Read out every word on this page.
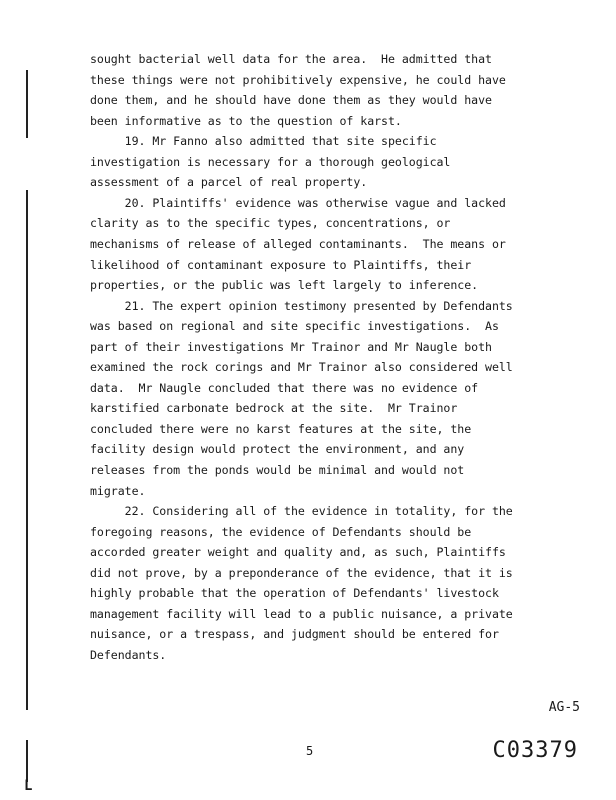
sought bacterial well data for the area.  He admitted that
these things were not prohibitively expensive, he could have
done them, and he should have done them as they would have
been informative as to the question of karst.
19. Mr Fanno also admitted that site specific
investigation is necessary for a thorough geological
assessment of a parcel of real property.
20. Plaintiffs' evidence was otherwise vague and lacked
clarity as to the specific types, concentrations, or
mechanisms of release of alleged contaminants.  The means or
likelihood of contaminant exposure to Plaintiffs, their
properties, or the public was left largely to inference.
21. The expert opinion testimony presented by Defendants
was based on regional and site specific investigations.  As
part of their investigations Mr Trainor and Mr Naugle both
examined the rock corings and Mr Trainor also considered well
data.  Mr Naugle concluded that there was no evidence of
karstified carbonate bedrock at the site.  Mr Trainor
concluded there were no karst features at the site, the
facility design would protect the environment, and any
releases from the ponds would be minimal and would not
migrate.
22. Considering all of the evidence in totality, for the
foregoing reasons, the evidence of Defendants should be
accorded greater weight and quality and, as such, Plaintiffs
did not prove, by a preponderance of the evidence, that it is
highly probable that the operation of Defendants' livestock
management facility will lead to a public nuisance, a private
nuisance, or a trespass, and judgment should be entered for
Defendants.
AG-5
5	C03379
L
